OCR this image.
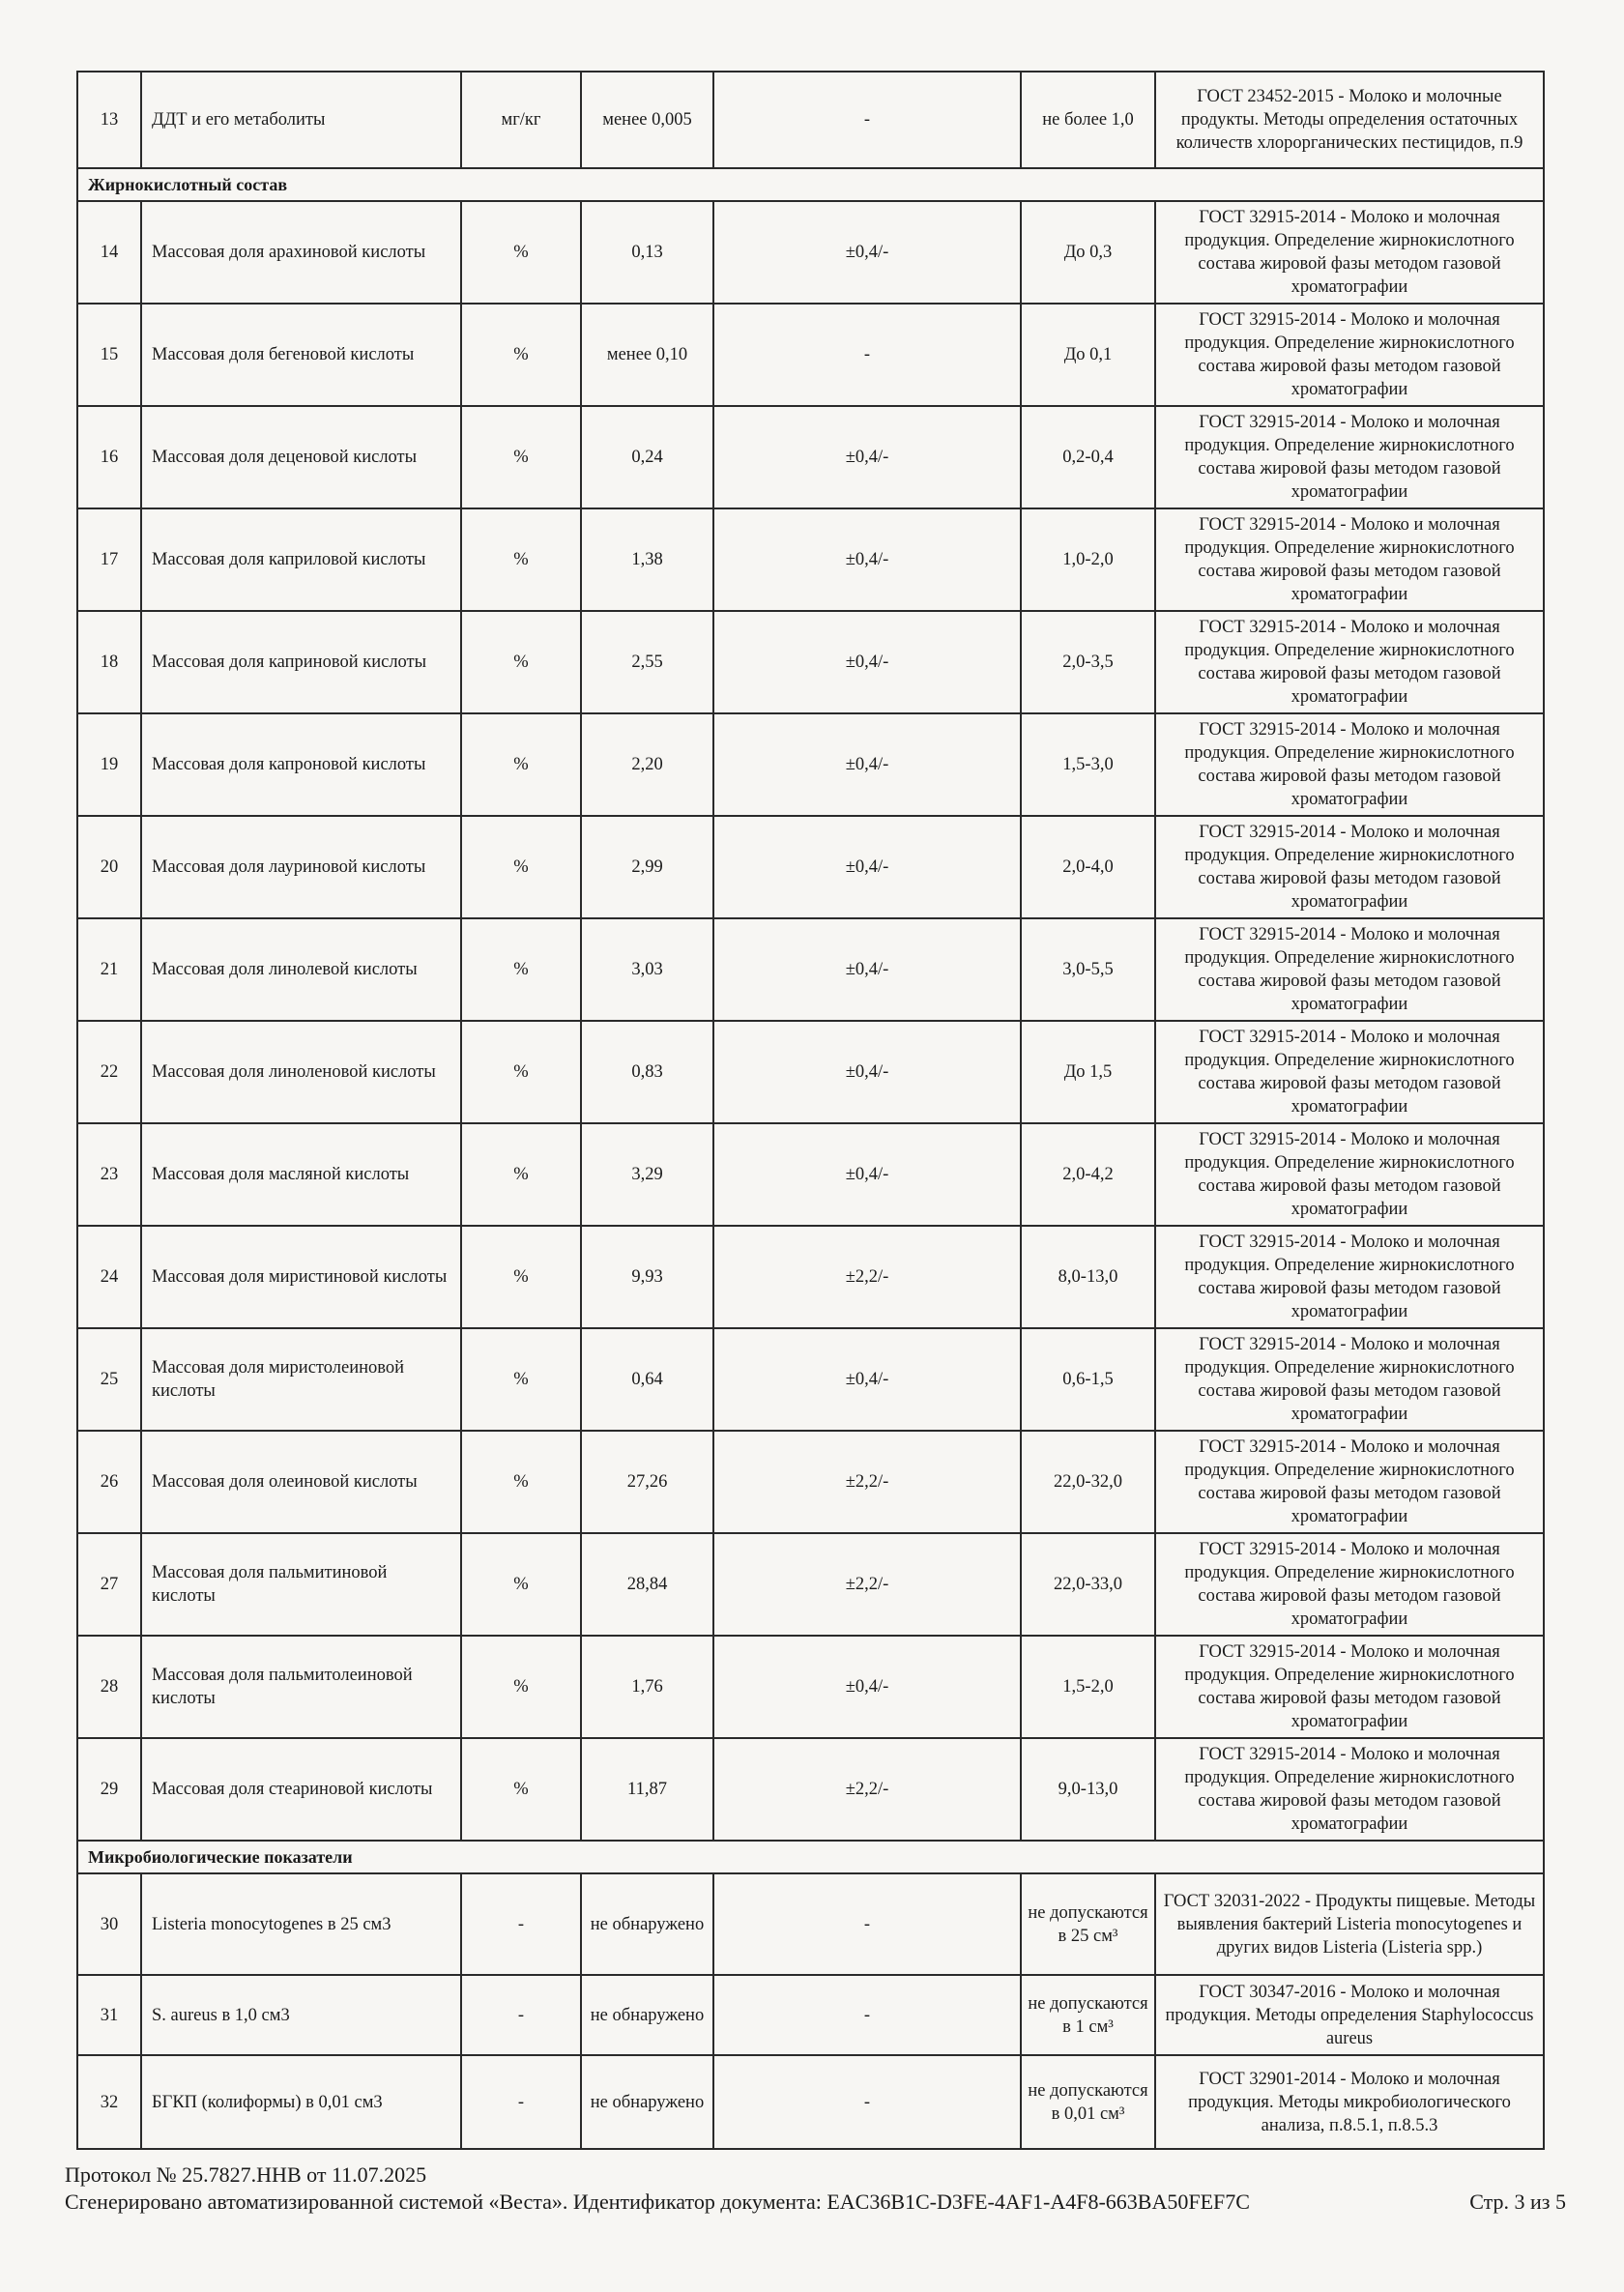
13	ДДТ и его метаболиты	мг/кг	менее 0,005	-	не более 1,0	ГОСТ 23452-2015 - Молоко и молочные продукты. Методы определения остаточных количеств хлорорганических пестицидов, п.9
Жирнокислотный состав						
14	Массовая доля арахиновой кислоты	%	0,13	±0,4/-	До 0,3	ГОСТ 32915-2014 - Молоко и молочная продукция. Определение жирнокислотного состава жировой фазы методом газовой хроматографии
15	Массовая доля бегеновой кислоты	%	менее 0,10	-	До 0,1	ГОСТ 32915-2014 - Молоко и молочная продукция. Определение жирнокислотного состава жировой фазы методом газовой хроматографии
16	Массовая доля деценовой кислоты	%	0,24	±0,4/-	0,2-0,4	ГОСТ 32915-2014 - Молоко и молочная продукция. Определение жирнокислотного состава жировой фазы методом газовой хроматографии
17	Массовая доля каприловой кислоты	%	1,38	±0,4/-	1,0-2,0	ГОСТ 32915-2014 - Молоко и молочная продукция. Определение жирнокислотного состава жировой фазы методом газовой хроматографии
18	Массовая доля каприновой кислоты	%	2,55	±0,4/-	2,0-3,5	ГОСТ 32915-2014 - Молоко и молочная продукция. Определение жирнокислотного состава жировой фазы методом газовой хроматографии
19	Массовая доля капроновой кислоты	%	2,20	±0,4/-	1,5-3,0	ГОСТ 32915-2014 - Молоко и молочная продукция. Определение жирнокислотного состава жировой фазы методом газовой хроматографии
20	Массовая доля лауриновой кислоты	%	2,99	±0,4/-	2,0-4,0	ГОСТ 32915-2014 - Молоко и молочная продукция. Определение жирнокислотного состава жировой фазы методом газовой хроматографии
21	Массовая доля линолевой кислоты	%	3,03	±0,4/-	3,0-5,5	ГОСТ 32915-2014 - Молоко и молочная продукция. Определение жирнокислотного состава жировой фазы методом газовой хроматографии
22	Массовая доля линоленовой кислоты	%	0,83	±0,4/-	До 1,5	ГОСТ 32915-2014 - Молоко и молочная продукция. Определение жирнокислотного состава жировой фазы методом газовой хроматографии
23	Массовая доля масляной кислоты	%	3,29	±0,4/-	2,0-4,2	ГОСТ 32915-2014 - Молоко и молочная продукция. Определение жирнокислотного состава жировой фазы методом газовой хроматографии
24	Массовая доля миристиновой кислоты	%	9,93	±2,2/-	8,0-13,0	ГОСТ 32915-2014 - Молоко и молочная продукция. Определение жирнокислотного состава жировой фазы методом газовой хроматографии
25	Массовая доля миристолеиновой кислоты	%	0,64	±0,4/-	0,6-1,5	ГОСТ 32915-2014 - Молоко и молочная продукция. Определение жирнокислотного состава жировой фазы методом газовой хроматографии
26	Массовая доля олеиновой кислоты	%	27,26	±2,2/-	22,0-32,0	ГОСТ 32915-2014 - Молоко и молочная продукция. Определение жирнокислотного состава жировой фазы методом газовой хроматографии
27	Массовая доля пальмитиновой кислоты	%	28,84	±2,2/-	22,0-33,0	ГОСТ 32915-2014 - Молоко и молочная продукция. Определение жирнокислотного состава жировой фазы методом газовой хроматографии
28	Массовая доля пальмитолеиновой кислоты	%	1,76	±0,4/-	1,5-2,0	ГОСТ 32915-2014 - Молоко и молочная продукция. Определение жирнокислотного состава жировой фазы методом газовой хроматографии
29	Массовая доля стеариновой кислоты	%	11,87	±2,2/-	9,0-13,0	ГОСТ 32915-2014 - Молоко и молочная продукция. Определение жирнокислотного состава жировой фазы методом газовой хроматографии
Микробиологические показатели						
30	Listeria monocytogenes в 25 см3	-	не обнаружено	-	не допускаются в 25 см³	ГОСТ 32031-2022 - Продукты пищевые. Методы выявления бактерий Listeria monocytogenes и других видов Listeria (Listeria spp.)
31	S. aureus в 1,0 см3	-	не обнаружено	-	не допускаются в 1 см³	ГОСТ 30347-2016 - Молоко и молочная продукция. Методы определения Staphylococcus aureus
32	БГКП (колиформы) в 0,01 см3	-	не обнаружено	-	не допускаются в 0,01 см³	ГОСТ 32901-2014 - Молоко и молочная продукция. Методы микробиологического анализа, п.8.5.1, п.8.5.3
Протокол № 25.7827.ННВ от 11.07.2025
Сгенерировано автоматизированной системой «Веста». Идентификатор документа: EAC36B1C-D3FE-4AF1-A4F8-663BA50FEF7C	Стр. 3 из 5
